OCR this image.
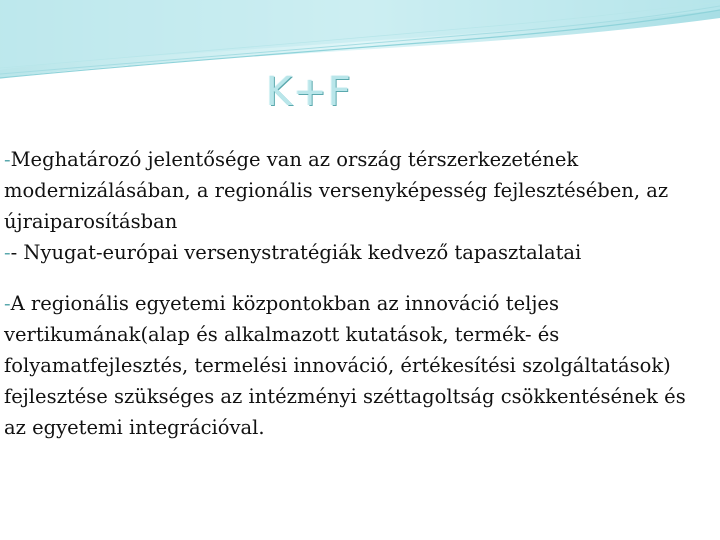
K+F

-Meghatározó jelentősége van az ország térszerkezetének modernizálásában, a regionális versenyképesség fejlesztésében, az újraiparosításban

-- Nyugat-európai versenystratégiák kedvező tapasztalatai

-A regionális egyetemi központokban az innováció teljes vertikumának(alap és alkalmazott kutatások, termék- és folyamatfejlesztés, termelési innováció, értékesítési szolgáltatások) fejlesztése szükséges az intézményi széttagoltság csökkentésének és az egyetemi integrációval.
